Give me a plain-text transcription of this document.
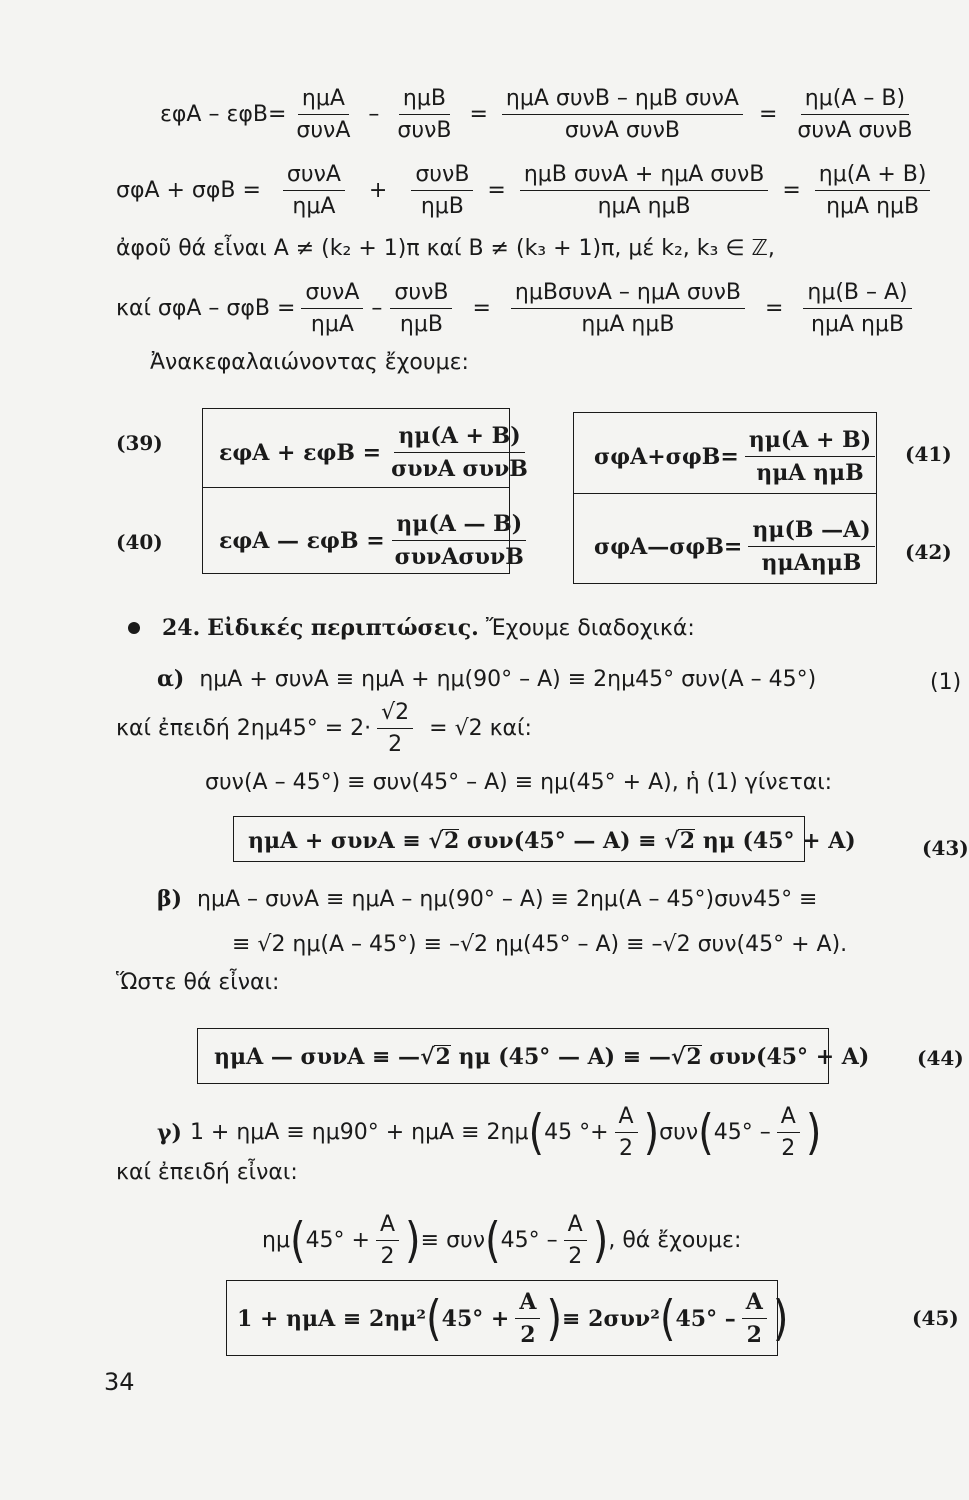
$\varepsilon\varphi A - \varepsilon\varphi B= \frac{\text{ημA}}{\text{συνA}} - \frac{\text{ημB}}{\text{συνB}} = \frac{\text{ημA συνB – ημB συνA}}{\text{συνA συνB}} = \frac{\eta\mu(A - B)}{\text{συνA συνB}}$
$\sigma\varphi A + \sigma\varphi B = \frac{\text{συνA}}{\text{ημA}} + \frac{\text{συνB}}{\text{ημB}} = \frac{\text{ημB συνA + ημA συνB}}{\text{ημA ημB}} = \frac{\eta\mu(A + B)}{\text{ημA ημB}}$
ἀφοῦ θά εἶναι A ≠ (k₂ + 1)π καί B ≠ (k₃ + 1)π, μέ k₂, k₃ ∈ ℤ,
καί $\sigma\varphi A - \sigma\varphi B = \frac{\text{συνA}}{\text{ημA}} - \frac{\text{συνB}}{\text{ημB}} = \frac{\text{ημBσυνA – ημA συνB}}{\text{ημA ημB}} = \frac{\eta\mu(B - A)}{\text{ημA ημB}}$
Ἀνακεφαλαιώνοντας ἔχουμε:
(39)
(40)
$\varepsilon\varphi A + \varepsilon\varphi B = \frac{\eta\mu(A + B)}{\text{συνA συνB}}$
εφA — $\varepsilon\varphi B = \frac{\eta\mu(A — B)}{\text{συνAσυνB}}$
$\sigma\varphi A+\sigma\varphi B= \frac{\eta\mu(A + B)}{\text{ημA ημB}}$
σφA—σφB= $\frac{\eta\mu(B —A)}{\text{ημAημB}}$
(41)
(42)
24. Εἰδικές περιπτώσεις. Ἔχουμε διαδοχικά:
α) ημA + συνA ≡ ημA + ημ(90° – A) ≡ 2ημ45° συν(A – 45°)	(1)
καί ἐπειδή $2\eta\mu 45^\circ = 2\cdot \frac{√2}{2} = √2$ καί:
συν(A – 45°) ≡ συν(45° – A) ≡ ημ(45° + A), ἡ (1) γίνεται:
ημA + συνA ≡ √2 συν(45° — A) ≡ √2 ημ (45° + A)	(43)
β) ημA – συνA ≡ ημA – ημ(90° – A) ≡ 2ημ(A – 45°)συν45° ≡
≡ √2 ημ(A – 45°) ≡ –√2 ημ(45° – A) ≡ –√2 συν(45° + A).
Ὥστε θά εἶναι:
ημA — συνA ≡ —√2 ημ (45° — A) ≡ —√2 συν(45° + A) (44)
γ) 1 + ημA ≡ ημ90° + ημA ≡ 2ημ ( 45 °+ $\frac{A}{2}$ ) συν ( $45^\circ - \frac{A}{2}$ )
καί ἐπειδή εἶναι:
ημ ( $45^\circ + \frac{A}{2}$ ) ≡ συν ( $45^\circ - \frac{A}{2}$ ) , θά ἔχουμε:
1 + ημA ≡ 2ημ² ( $45^\circ + \frac{A}{2}$ ) ≡ 2συν² ( $45^\circ - \frac{A}{2}$ )	(45)
34
